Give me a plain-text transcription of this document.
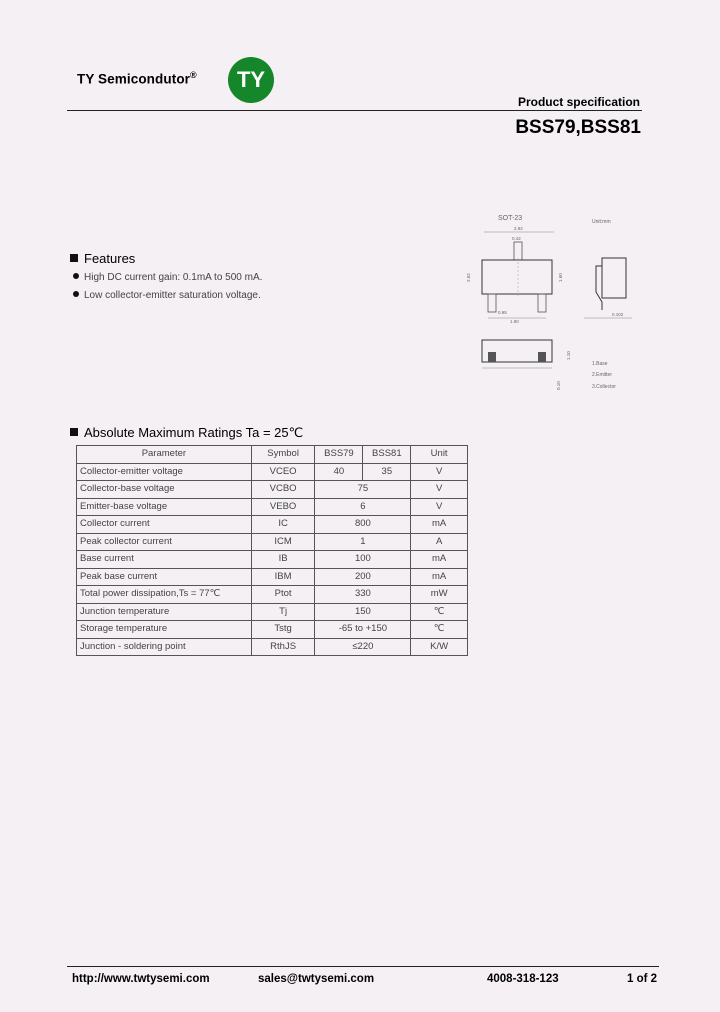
TY Semicondutor®	TY
Product specification
BSS79,BSS81
SOT-23	Unit:mm
2.92
0.42
2.62	1.60
0.95
1.90
0.102
1.10
0.10
1.Base
2.Emitter
3.Collector
Features
High DC current gain: 0.1mA to 500 mA.
Low collector-emitter saturation voltage.
Absolute Maximum Ratings Ta = 25℃
Parameter	Symbol	BSS79	BSS81	Unit
Collector-emitter voltage	VCEO	40	35	V
Collector-base voltage	VCBO	75		V
Emitter-base voltage	VEBO	6		V
Collector current	IC	800		mA
Peak collector current	ICM	1		A
Base current	IB	100		mA
Peak base current	IBM	200		mA
Total power dissipation,Ts = 77℃	Ptot	330		mW
Junction temperature	Tj	150		℃
Storage temperature	Tstg	-65 to +150		℃
Junction - soldering point	RthJS	≤220		K/W
http://www.twtysemi.com	sales@twtysemi.com	4008-318-123	1 of 2
